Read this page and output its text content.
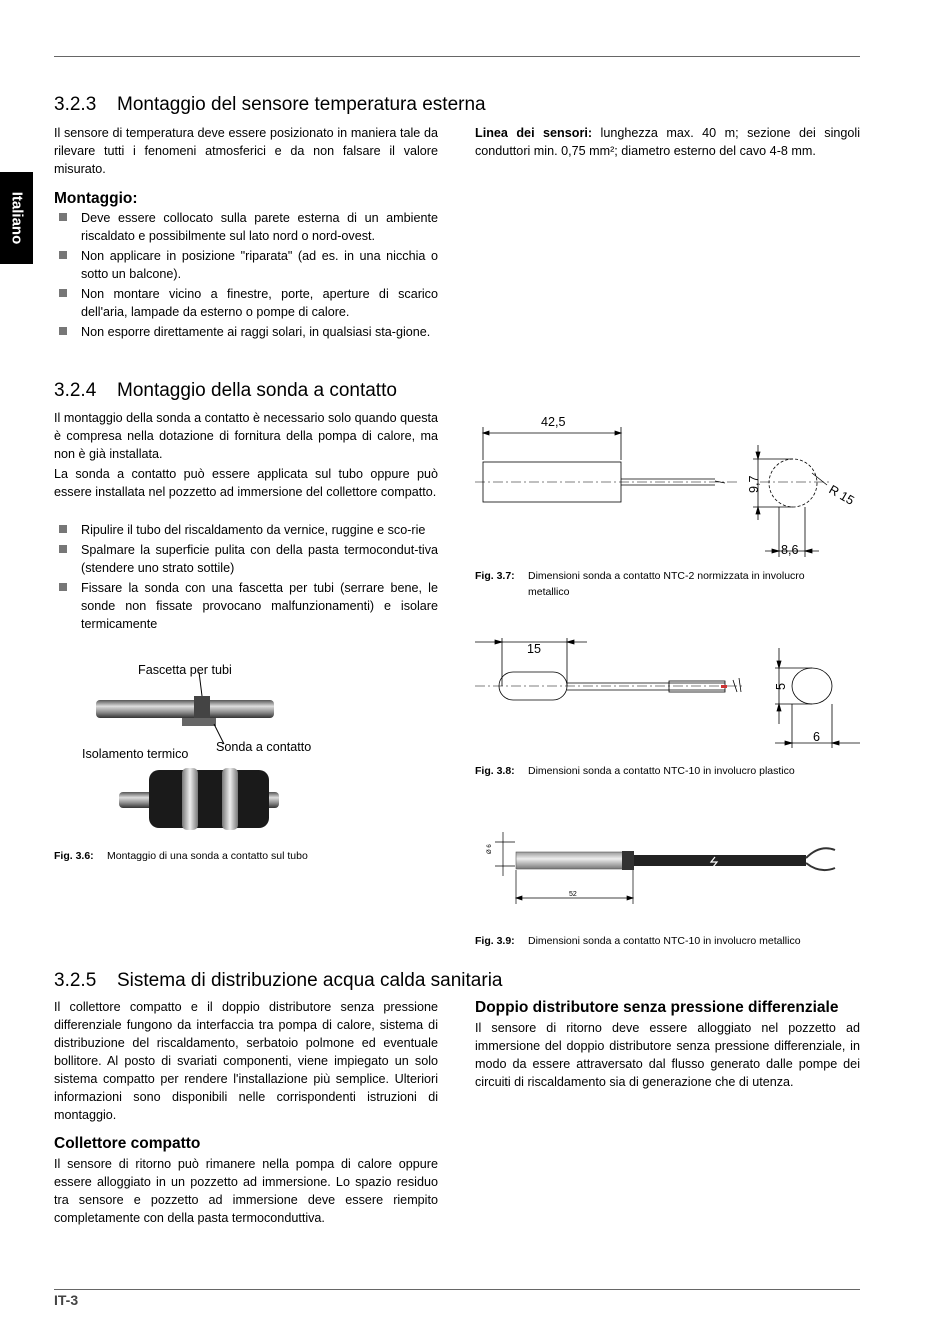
Italiano
3.2.3 Montaggio del sensore temperatura esterna

Il sensore di temperatura deve essere posizionato in maniera tale da rilevare tutti i fenomeni atmosferici e da non falsare il valore misurato.

Linea dei sensori: lunghezza max. 40 m; sezione dei singoli conduttori min. 0,75 mm²; diametro esterno del cavo 4-8 mm.

Montaggio:
Deve essere collocato sulla parete esterna di un ambiente riscaldato e possibilmente sul lato nord o nord-ovest.
Non applicare in posizione "riparata" (ad es. in una nicchia o sotto un balcone).
Non montare vicino a finestre, porte, aperture di scarico dell'aria, lampade da esterno o pompe di calore.
Non esporre direttamente ai raggi solari, in qualsiasi sta-gione.
3.2.4 Montaggio della sonda a contatto

Il montaggio della sonda a contatto è necessario solo quando questa è compresa nella dotazione di fornitura della pompa di calore, ma non è già installata.

La sonda a contatto può essere applicata sul tubo oppure può essere installata nel pozzetto ad immersione del collettore compatto.

Ripulire il tubo del riscaldamento da vernice, ruggine e sco-rie
Spalmare la superficie pulita con della pasta termocondut-tiva (stendere uno strato sottile)
Fissare la sonda con una fascetta per tubi (serrare bene, le sonde non fissate provocano malfunzionamenti) e isolare termicamente
Fascetta per tubi
Sonda a contatto
Isolamento termico
Fig. 3.6: Montaggio di una sonda a contatto sul tubo
42,5
9,7	R 15
8,6
Fig. 3.7: Dimensioni sonda a contatto NTC-2 normizzata in involucro metallico
15
5
6
Fig. 3.8: Dimensioni sonda a contatto NTC-10 in involucro plastico
Ø 6
52
Fig. 3.9: Dimensioni sonda a contatto NTC-10 in involucro metallico
3.2.5 Sistema di distribuzione acqua calda sanitaria

Il collettore compatto e il doppio distributore senza pressione differenziale fungono da interfaccia tra pompa di calore, sistema di distribuzione del riscaldamento, serbatoio polmone ed eventuale bollitore. Al posto di svariati componenti, viene impiegato un solo sistema compatto per rendere l'installazione più semplice. Ulteriori informazioni sono disponibili nelle corrispondenti istruzioni di montaggio.

Collettore compatto

Il sensore di ritorno può rimanere nella pompa di calore oppure essere alloggiato in un pozzetto ad immersione. Lo spazio residuo tra sensore e pozzetto ad immersione deve essere riempito completamente con della pasta termoconduttiva.

Doppio distributore senza pressione differenziale

Il sensore di ritorno deve essere alloggiato nel pozzetto ad immersione del doppio distributore senza pressione differenziale, in modo da essere attraversato dal flusso generato dalle pompe dei circuiti di riscaldamento sia di generazione che di utenza.

IT-3
